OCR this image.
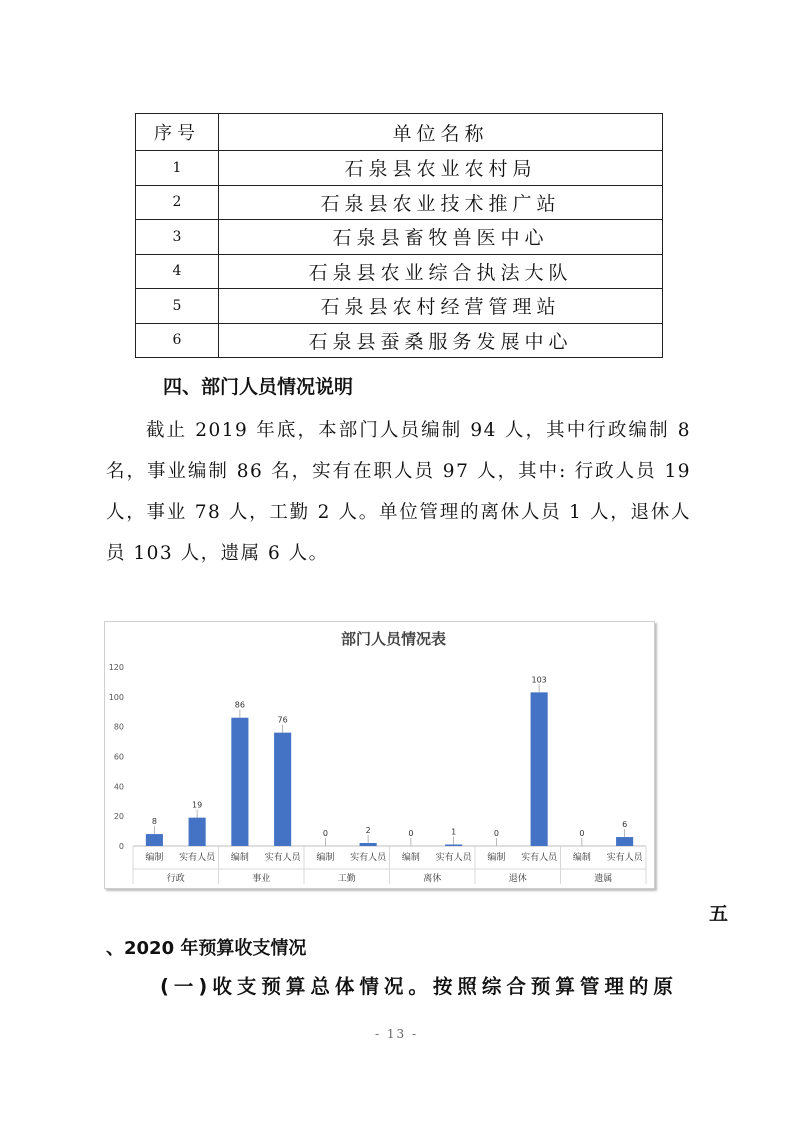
序号	单位名称
1	石泉县农业农村局
2	石泉县农业技术推广站
3	石泉县畜牧兽医中心
4	石泉县农业综合执法大队
5	石泉县农村经营管理站
6	石泉县蚕桑服务发展中心
四、部门人员情况说明

截止 2019 年底，本部门人员编制 94 人，其中行政编制 8 名，事业编制 86 名，实有在职人员 97 人，其中: 行政人员 19 人，事业 78 人，工勤 2 人。单位管理的离休人员 1 人，退休人员 103 人，遗属 6 人。

部门人员情况表
0
20
40
60
80
100
120
8
编制
19
实有人员
86
编制
76
实有人员
0
编制
2
实有人员
0
编制
1
实有人员
0
编制
103
实有人员
0
编制
6
实有人员
行政	事业	工勤	离休	退休	遗属

五

、2020 年预算收支情况
(一)收支预算总体情况。按照综合预算管理的原

- 13 -
